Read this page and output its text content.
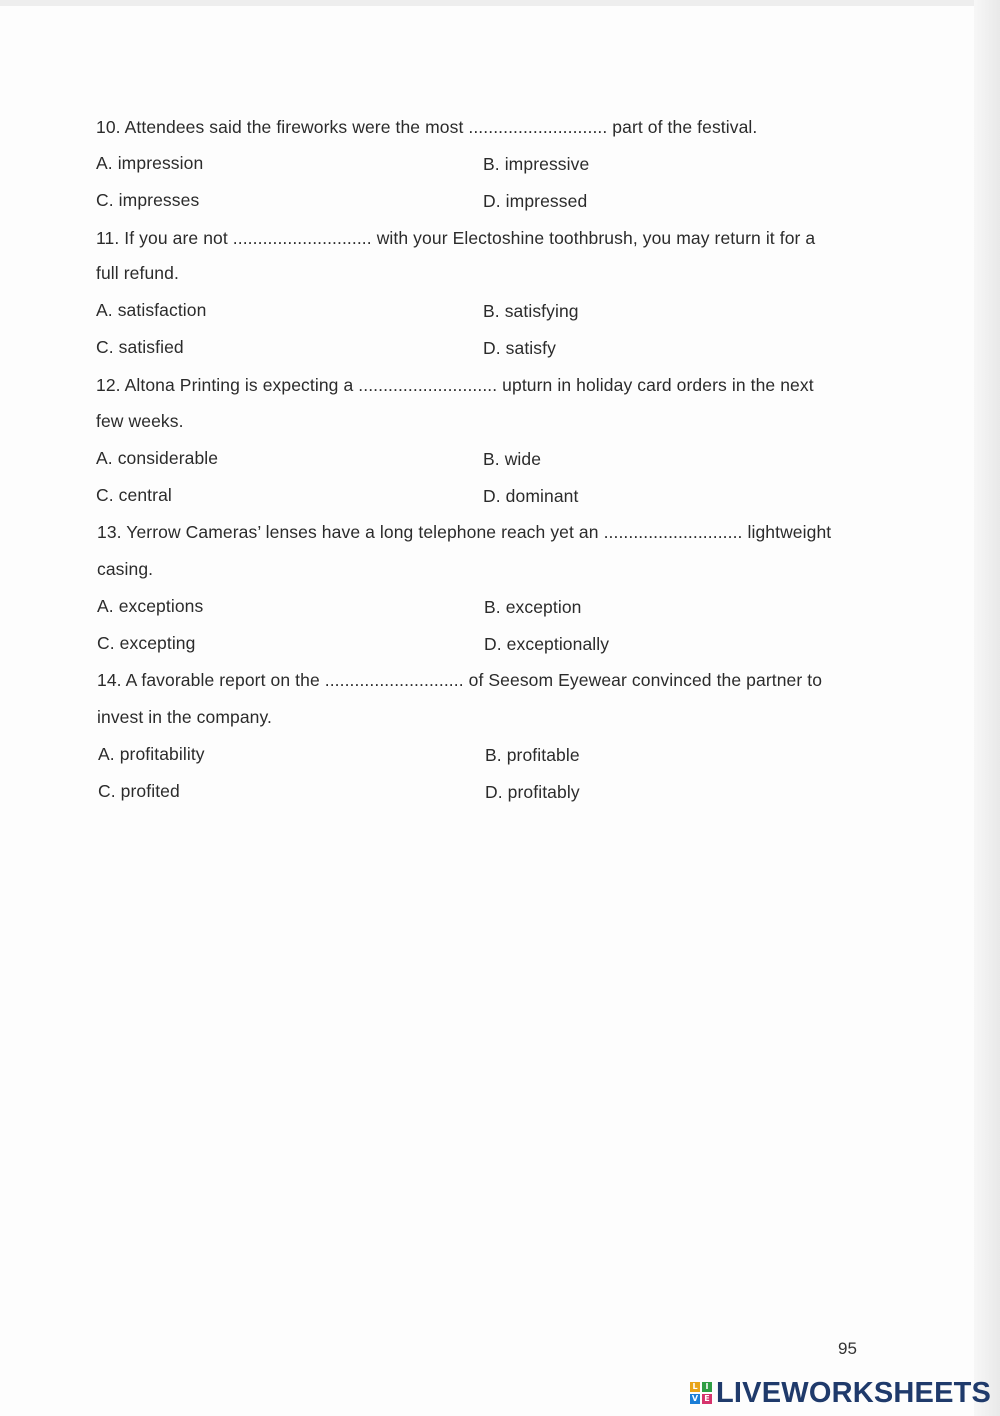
10. Attendees said the fireworks were the most ............................ part of the festival.
A. impression	B. impressive
C. impresses	D. impressed
11. If you are not ............................ with your Electoshine toothbrush, you may return it for a
full refund.
A. satisfaction	B. satisfying
C. satisfied	D. satisfy
12. Altona Printing is expecting a ............................ upturn in holiday card orders in the next
few weeks.
A. considerable	B. wide
C. central	D. dominant
13. Yerrow Cameras’ lenses have a long telephone reach yet an ............................ lightweight
casing.
A. exceptions	B. exception
C. excepting	D. exceptionally
14. A favorable report on the ............................ of Seesom Eyewear convinced the partner to
invest in the company.
A. profitability	B. profitable
C. profited	D. profitably
95
L I
V E LIVEWORKSHEETS
